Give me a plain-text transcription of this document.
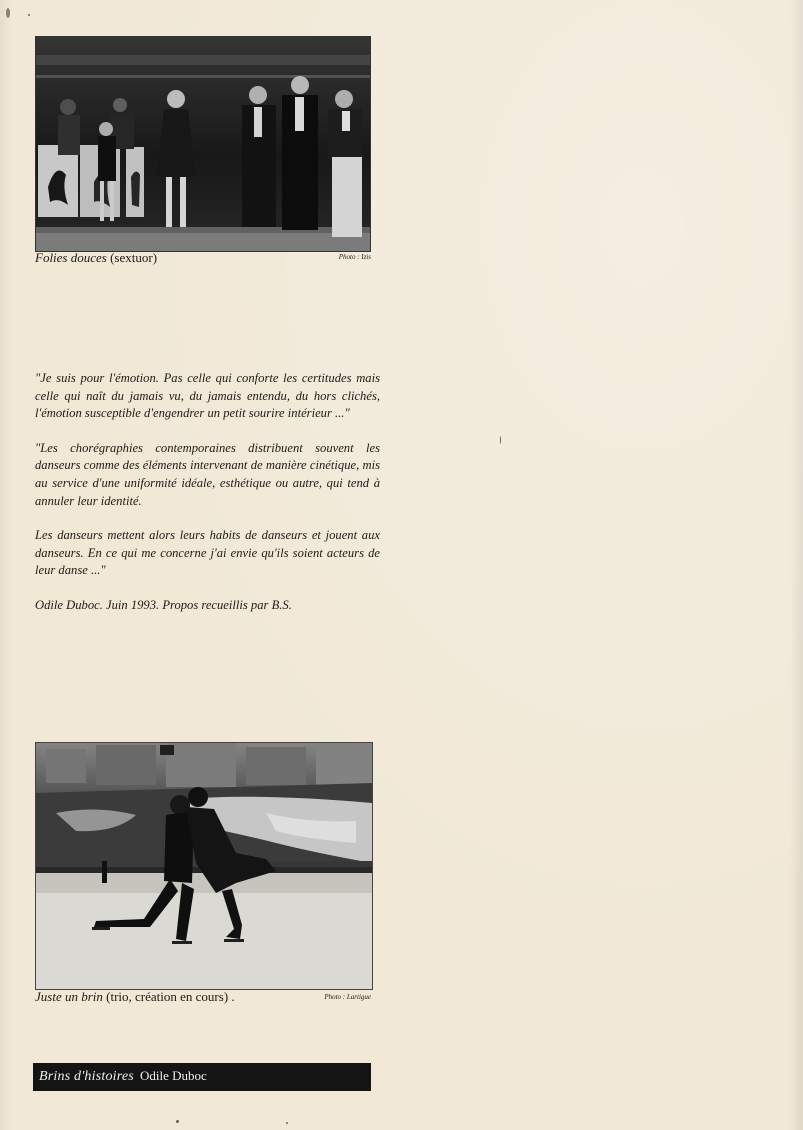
Folies douces (sextuor)	Photo : Izis

"Je suis pour l'émotion. Pas celle qui conforte les certitudes mais celle qui naît du jamais vu, du jamais entendu, du hors clichés, l'émotion susceptible d'engendrer un petit sourire intérieur ..."

"Les chorégraphies contemporaines distribuent souvent les danseurs comme des éléments intervenant de manière cinétique, mis au service d'une uniformité idéale, esthétique ou autre, qui tend à annuler leur identité.

Les danseurs mettent alors leurs habits de danseurs et jouent aux danseurs. En ce qui me concerne j'ai envie qu'ils soient acteurs de leur danse ..."

Odile Duboc. Juin 1993. Propos recueillis par B.S.

Juste un brin (trio, création en cours) .	Photo : Lartigue
Brins d'histoires Odile Duboc
